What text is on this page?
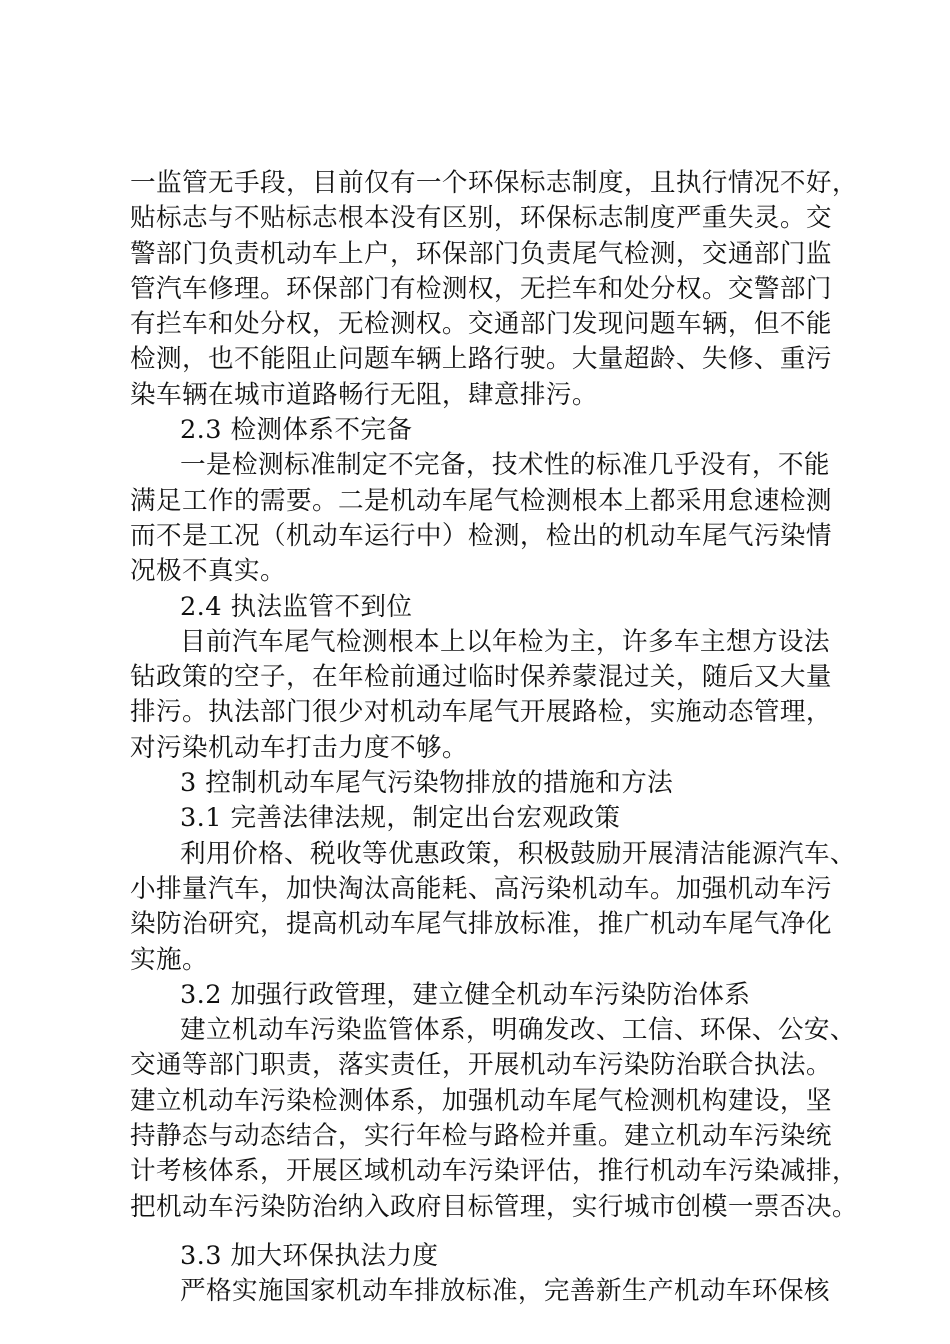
一监管无手段，目前仅有一个环保标志制度，且执行情况不好，
贴标志与不贴标志根本没有区别，环保标志制度严重失灵。交
警部门负责机动车上户，环保部门负责尾气检测，交通部门监
管汽车修理。环保部门有检测权，无拦车和处分权。交警部门
有拦车和处分权，无检测权。交通部门发现问题车辆，但不能
检测，也不能阻止问题车辆上路行驶。大量超龄、失修、重污
染车辆在城市道路畅行无阻，肆意排污。
2.3 检测体系不完备
一是检测标准制定不完备，技术性的标准几乎没有，不能
满足工作的需要。二是机动车尾气检测根本上都采用怠速检测
而不是工况（机动车运行中）检测，检出的机动车尾气污染情
况极不真实。
2.4 执法监管不到位
目前汽车尾气检测根本上以年检为主，许多车主想方设法
钻政策的空子，在年检前通过临时保养蒙混过关，随后又大量
排污。执法部门很少对机动车尾气开展路检，实施动态管理，
对污染机动车打击力度不够。
3 控制机动车尾气污染物排放的措施和方法
3.1 完善法律法规，制定出台宏观政策
利用价格、税收等优惠政策，积极鼓励开展清洁能源汽车、
小排量汽车，加快淘汰高能耗、高污染机动车。加强机动车污
染防治研究，提高机动车尾气排放标准，推广机动车尾气净化
实施。
3.2 加强行政管理，建立健全机动车污染防治体系
建立机动车污染监管体系，明确发改、工信、环保、公安、
交通等部门职责，落实责任，开展机动车污染防治联合执法。
建立机动车污染检测体系，加强机动车尾气检测机构建设，坚
持静态与动态结合，实行年检与路检并重。建立机动车污染统
计考核体系，开展区域机动车污染评估，推行机动车污染减排，
把机动车污染防治纳入政府目标管理，实行城市创模一票否决。
3.3 加大环保执法力度
严格实施国家机动车排放标准，完善新生产机动车环保核
